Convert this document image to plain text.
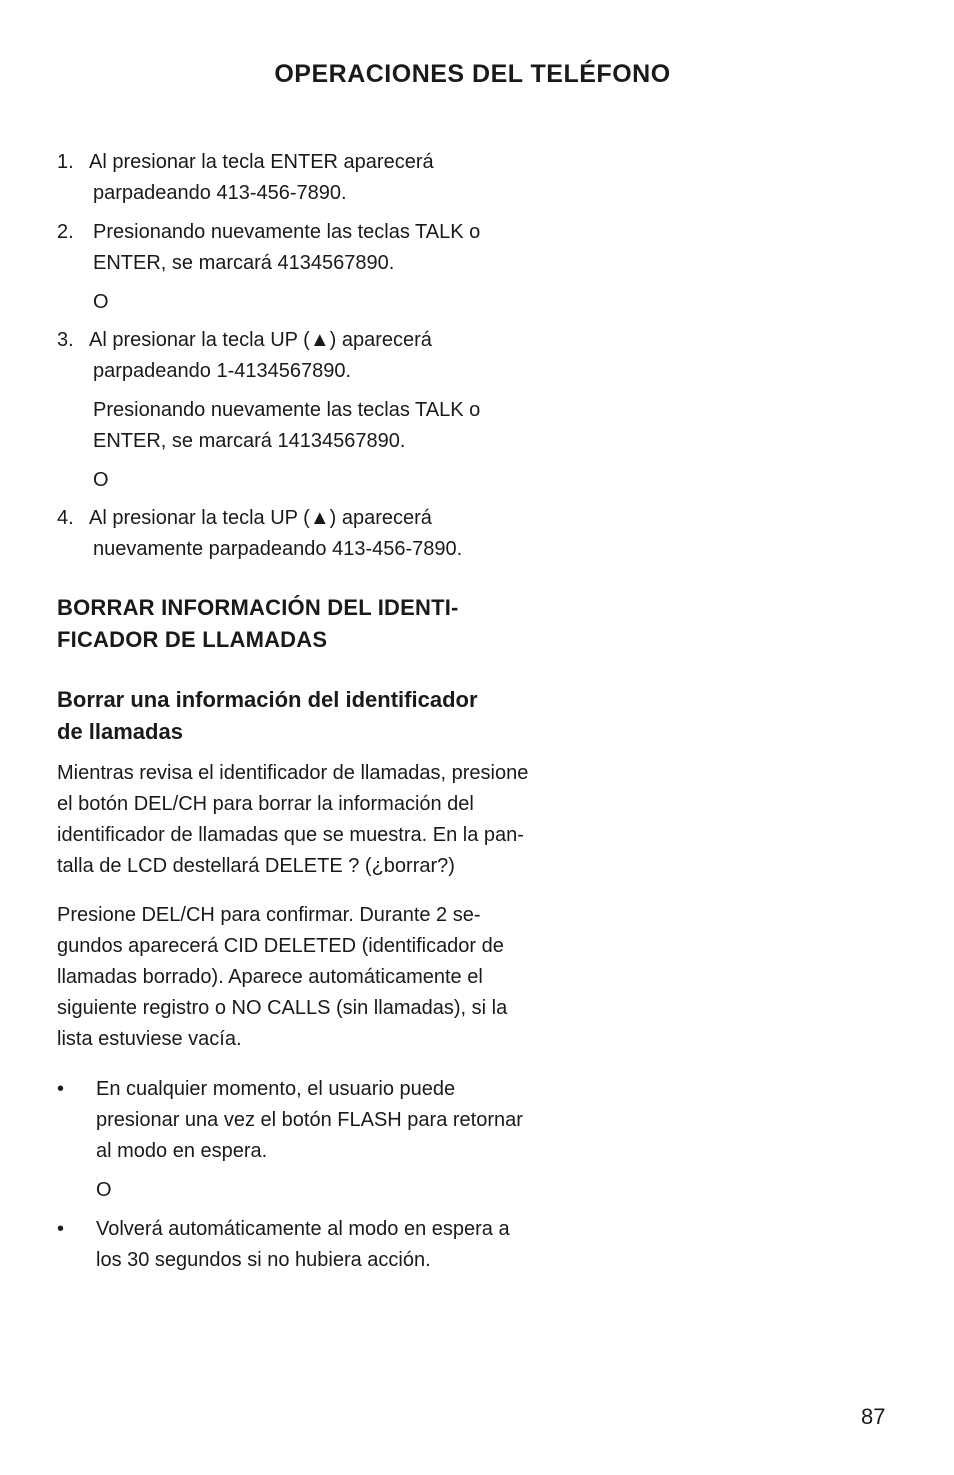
OPERACIONES DEL TELÉFONO
1. Al presionar la tecla ENTER aparecerá
parpadeando 413-456-7890.
2. Presionando nuevamente las teclas TALK o
ENTER, se marcará 4134567890.
O
3. Al presionar la tecla UP (▲) aparecerá
parpadeando 1-4134567890.
Presionando nuevamente las teclas TALK o
ENTER, se marcará 14134567890.
O
4. Al presionar la tecla UP (▲) aparecerá
nuevamente parpadeando 413-456-7890.
BORRAR INFORMACIÓN DEL IDENTI-
FICADOR DE LLAMADAS
Borrar una información del identificador
de llamadas
Mientras revisa el identificador de llamadas, presione
el botón DEL/CH para borrar la información del
identificador de llamadas que se muestra. En la pan-
talla de LCD destellará DELETE ? (¿borrar?)
Presione DEL/CH para confirmar. Durante 2 se-
gundos aparecerá CID DELETED (identificador de
llamadas borrado). Aparece automáticamente el
siguiente registro o NO CALLS (sin llamadas), si la
lista estuviese vacía.
• En cualquier momento, el usuario puede
presionar una vez el botón FLASH para retornar
al modo en espera.
O
• Volverá automáticamente al modo en espera a
los 30 segundos si no hubiera acción.
87
